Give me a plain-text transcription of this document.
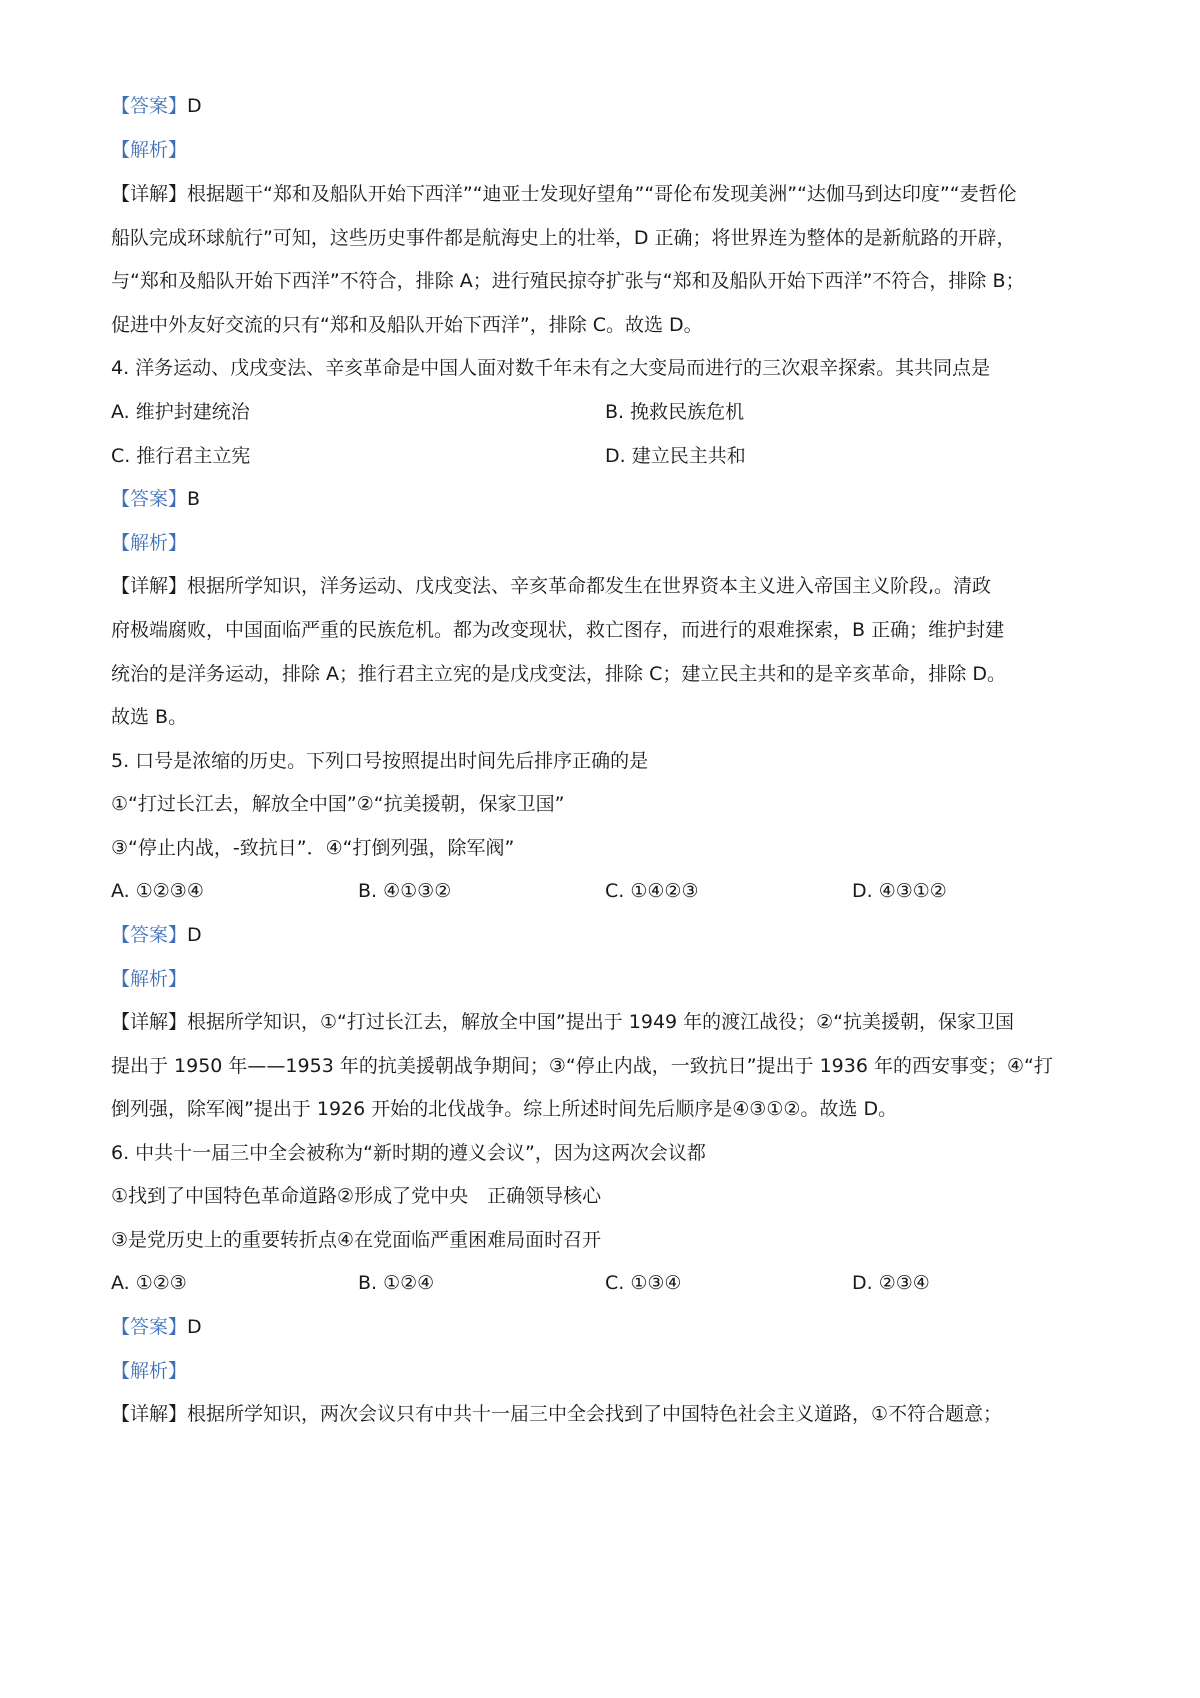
【答案】D
【解析】
【详解】根据题干“郑和及船队开始下西洋”“迪亚士发现好望角”“哥伦布发现美洲”“达伽马到达印度”“麦哲伦
船队完成环球航行”可知，这些历史事件都是航海史上的壮举，D 正确；将世界连为整体的是新航路的开辟，
与“郑和及船队开始下西洋”不符合，排除 A；进行殖民掠夺扩张与“郑和及船队开始下西洋”不符合，排除 B；
促进中外友好交流的只有“郑和及船队开始下西洋”，排除 C。故选 D。
4. 洋务运动、戊戌变法、辛亥革命是中国人面对数千年未有之大变局而进行的三次艰辛探索。其共同点是
A. 维护封建统治	B. 挽救民族危机
C. 推行君主立宪	D. 建立民主共和
【答案】B
【解析】
【详解】根据所学知识，洋务运动、戊戌变法、辛亥革命都发生在世界资本主义进入帝国主义阶段,。清政
府极端腐败，中国面临严重的民族危机。都为改变现状，救亡图存，而进行的艰难探索，B 正确；维护封建
统治的是洋务运动，排除 A；推行君主立宪的是戊戌变法，排除 C；建立民主共和的是辛亥革命，排除 D。
故选 B。
5. 口号是浓缩的历史。下列口号按照提出时间先后排序正确的是
①“打过长江去，解放全中国”②“抗美援朝，保家卫国”
③“停止内战，-致抗日”．④“打倒列强，除军阀”
A. ①②③④	B. ④①③②	C. ①④②③	D. ④③①②
【答案】D
【解析】
【详解】根据所学知识，①“打过长江去，解放全中国”提出于 1949 年的渡江战役；②“抗美援朝，保家卫国
提出于 1950 年——1953 年的抗美援朝战争期间；③“停止内战，一致抗日”提出于 1936 年的西安事变；④“打
倒列强，除军阀”提出于 1926 开始的北伐战争。综上所述时间先后顺序是④③①②。故选 D。
6. 中共十一届三中全会被称为“新时期的遵义会议”，因为这两次会议都
①找到了中国特色革命道路②形成了党中央　正确领导核心
③是党历史上的重要转折点④在党面临严重困难局面时召开
A. ①②③	B. ①②④	C. ①③④	D. ②③④
【答案】D
【解析】
【详解】根据所学知识，两次会议只有中共十一届三中全会找到了中国特色社会主义道路，①不符合题意；
